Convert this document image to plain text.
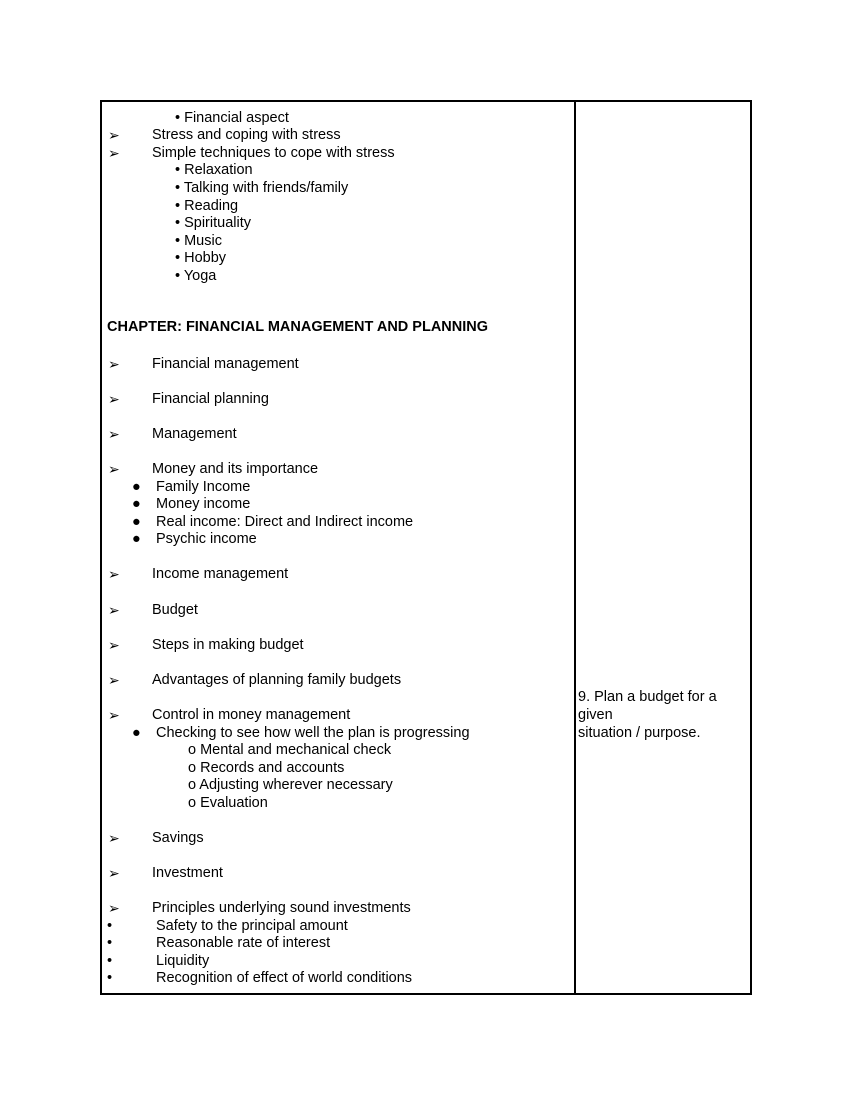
• Financial aspect
➢ Stress and coping with stress
➢ Simple techniques to cope with stress
• Relaxation
• Talking with friends/family
• Reading
• Spirituality
• Music
• Hobby
• Yoga
CHAPTER: FINANCIAL MANAGEMENT AND PLANNING
➢ Financial management
➢ Financial planning
➢ Management
➢ Money and its importance
● Family Income
● Money income
● Real income: Direct and Indirect income
● Psychic income
➢ Income management
➢ Budget
➢ Steps in making budget
➢ Advantages of planning family budgets
➢ Control in money management
● Checking to see how well the plan is progressing
o Mental and mechanical check
o Records and accounts
o Adjusting wherever necessary
o Evaluation
➢ Savings
➢ Investment
➢ Principles underlying sound investments
•	Safety to the principal amount
•	Reasonable rate of interest
•	Liquidity
•	Recognition of effect of world conditions
9. Plan a budget for a
given
situation / purpose.
